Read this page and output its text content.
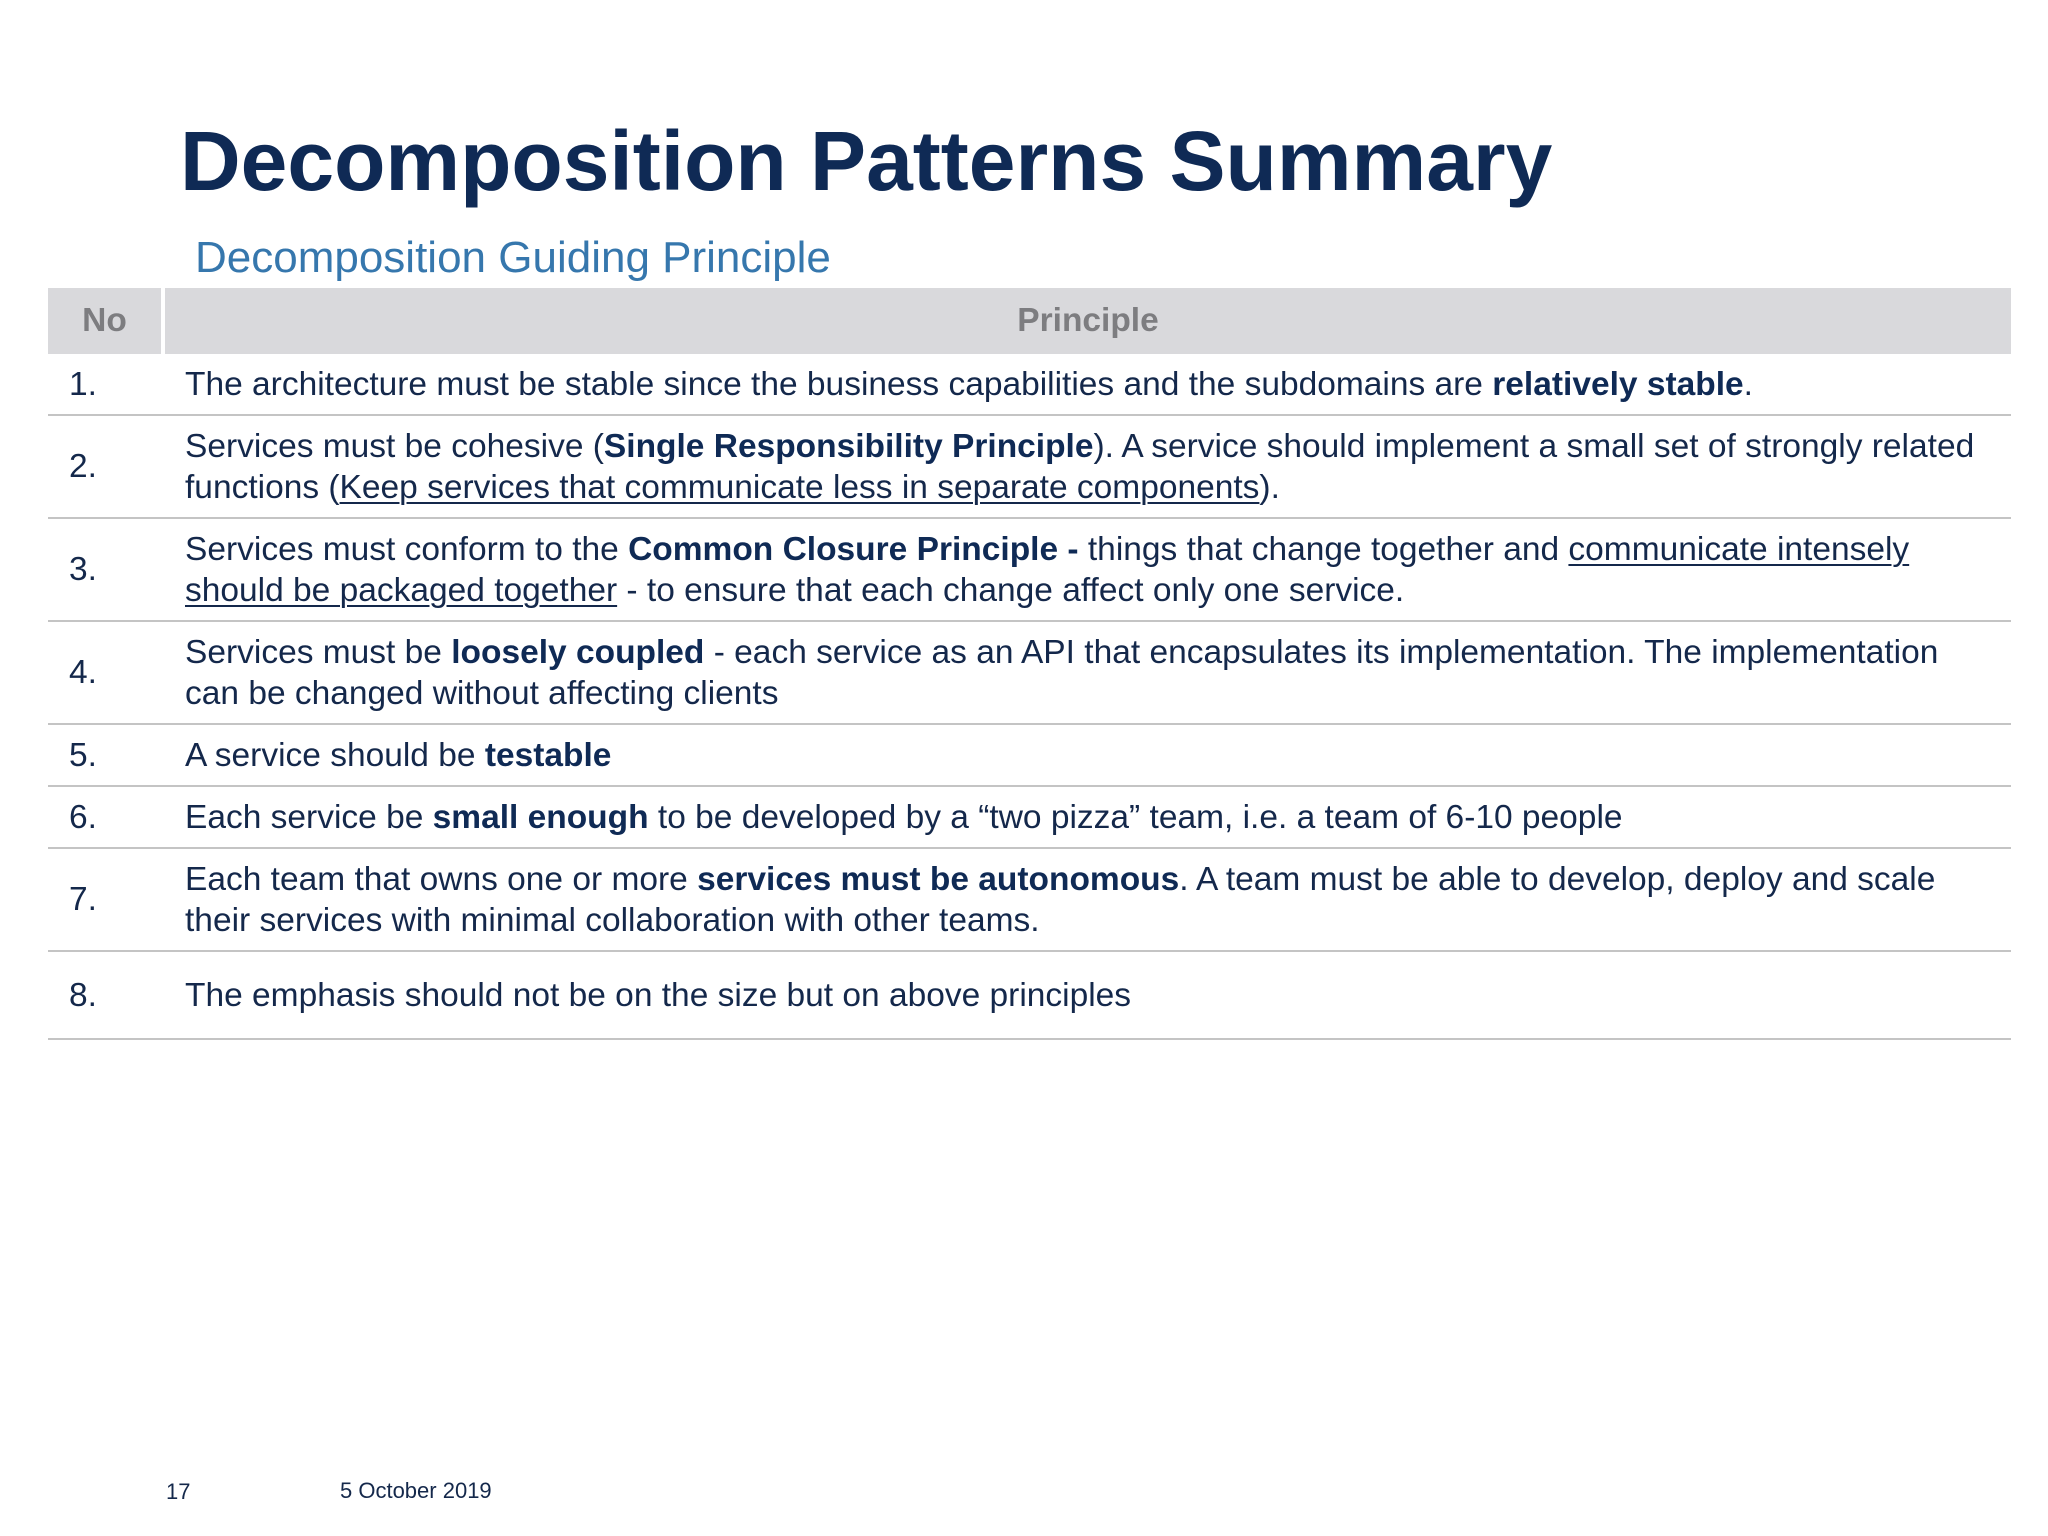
Decomposition Patterns Summary
Decomposition Guiding Principle
No	Principle
1.	The architecture must be stable since the business capabilities and the subdomains are relatively stable.
2.	Services must be cohesive (Single Responsibility Principle). A service should implement a small set of strongly related functions (Keep services that communicate less in separate components).
3.	Services must conform to the Common Closure Principle - things that change together and communicate intensely should be packaged together - to ensure that each change affect only one service.
4.	Services must be loosely coupled - each service as an API that encapsulates its implementation. The implementation can be changed without affecting clients
5.	A service should be testable
6.	Each service be small enough to be developed by a “two pizza” team, i.e. a team of 6-10 people
7.	Each team that owns one or more services must be autonomous. A team must be able to develop, deploy and scale their services with minimal collaboration with other teams.
8.	The emphasis should not be on the size but on above principles
17	5 October 2019
